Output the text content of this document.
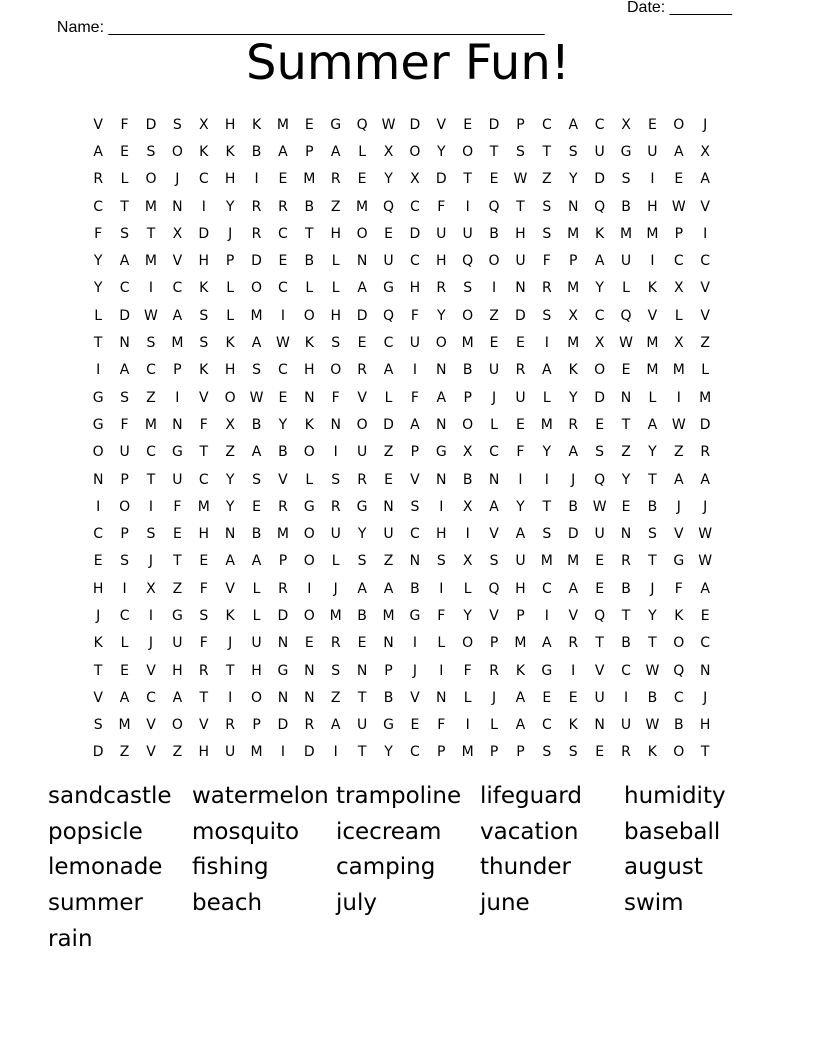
Name: _________________________________________________

Date: _______

Summer Fun!
V	F	D	S	X	H	K	M	E	G	Q W	D	V	E	D	P	C	A	C	X	E	O	J
A	E	S	O	K	K	B	A	P	A	L	X	O	Y	O	T	S	T	S	U	G	U	A	X
R	L	O	J	C	H	I	E	M	R	E	Y	X	D	T	E	W	Z	Y	D	S	I	E	A
C	T	M	N	I	Y	R	R	B	Z	M	Q	C	F	I	Q	T	S	N	Q	B	H	W	V
F	S	T	X	D	J	R	C	T	H	O	E	D	U	U	B	H	S	M	K	M	M	P	I
Y	A	M	V	H	P	D	E	B	L	N	U	C	H	Q	O	U	F	P	A	U	I	C	C
Y	C	I	C	K	L	O	C	L	L	A	G	H	R	S	I	N	R	M	Y	L	K	X	V
L	D	W	A	S	L	M	I	O	H	D	Q	F	Y	O	Z	D	S	X	C	Q	V	L	V
T	N	S	M	S	K	A	W	K	S	E	C	U	O	M	E	E	I	M	X	W M	X	Z
I	A	C	P	K	H	S	C	H	O	R	A	I	N	B	U	R	A	K	O	E	M	M	L
G	S	Z	I	V	O W	E	N	F	V	L	F	A	P	J	U	L	Y	D	N	L	I	M
G	F	M	N	F	X	B	Y	K	N	O	D	A	N	O	L	E	M	R	E	T	A	W	D
O	U	C	G	T	Z	A	B	O	I	U	Z	P	G	X	C	F	Y	A	S	Z	Y	Z	R
N	P	T	U	C	Y	S	V	L	S	R	E	V	N	B	N	I	I	J	Q	Y	T	A	A
I	O	I	F	M	Y	E	R	G	R	G	N	S	I	X	A	Y	T	B	W	E	B	J	J
C	P	S	E	H	N	B	M	O	U	Y	U	C	H	I	V	A	S	D	U	N	S	V	W
E	S	J	T	E	A	A	P	O	L	S	Z	N	S	X	S	U	M	M	E	R	T	G	W
H	I	X	Z	F	V	L	R	I	J	A	A	B	I	L	Q	H	C	A	E	B	J	F	A
J	C	I	G	S	K	L	D	O	M	B	M	G	F	Y	V	P	I	V	Q	T	Y	K	E
K	L	J	U	F	J	U	N	E	R	E	N	I	L	O	P	M	A	R	T	B	T	O	C
T	E	V	H	R	T	H	G	N	S	N	P	J	I	F	R	K	G	I	V	C	W Q	N
V	A	C	A	T	I	O	N	N	Z	T	B	V	N	L	J	A	E	E	U	I	B	C	J
S	M	V	O	V	R	P	D	R	A	U	G	E	F	I	L	A	C	K	N	U	W	B	H
D	Z	V	Z	H	U	M	I	D	I	T	Y	C	P	M	P	P	S	S	E	R	K	O	T
sandcastle watermelon trampoline lifeguard	humidity
popsicle	mosquito	icecream	vacation	baseball
lemonade	fishing	camping	thunder	august
summer	beach	july	june	swim
rain
